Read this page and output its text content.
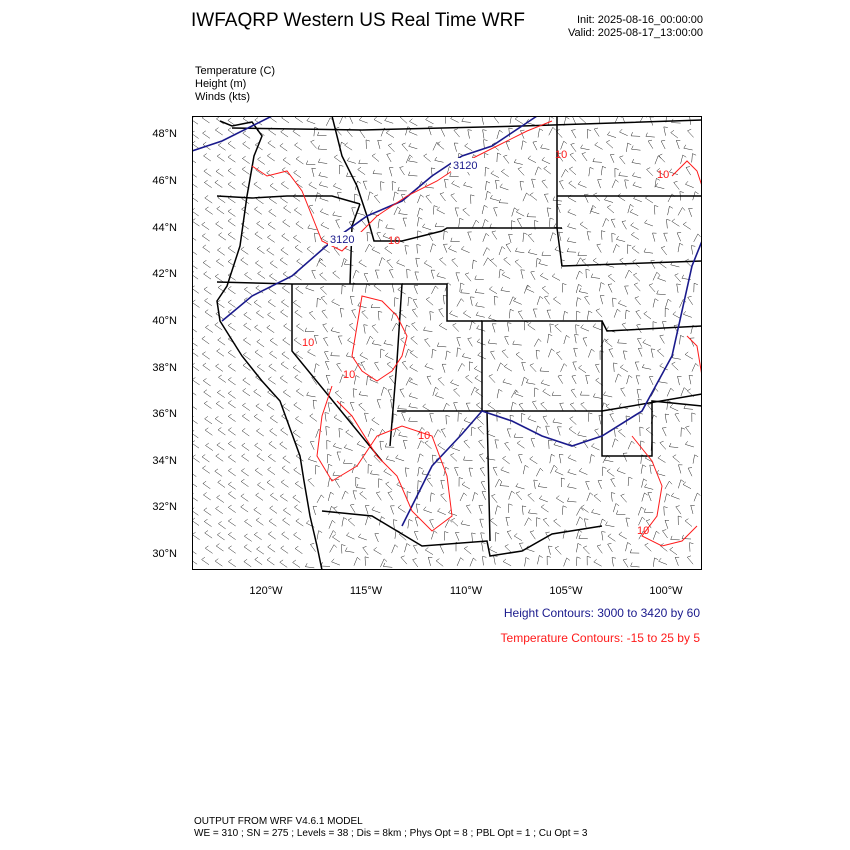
IWFAQRP Western US Real Time WRF	Init: 2025-08-16_00:00:00
Valid: 2025-08-17_13:00:00
Temperature (C)
Height (m)
Winds (kts)
48°N
46°N
44°N
42°N
40°N
38°N
36°N
34°N
32°N
30°N
120°W	115°W	110°W	105°W	100°W
3120
3120	10
10
10
10
10
10
10
Height Contours: 3000 to 3420 by 60
Temperature Contours: -15 to 25 by 5
OUTPUT FROM WRF V4.6.1 MODEL
WE = 310 ; SN = 275 ; Levels = 38 ; Dis = 8km ; Phys Opt = 8 ; PBL Opt = 1 ; Cu Opt = 3
